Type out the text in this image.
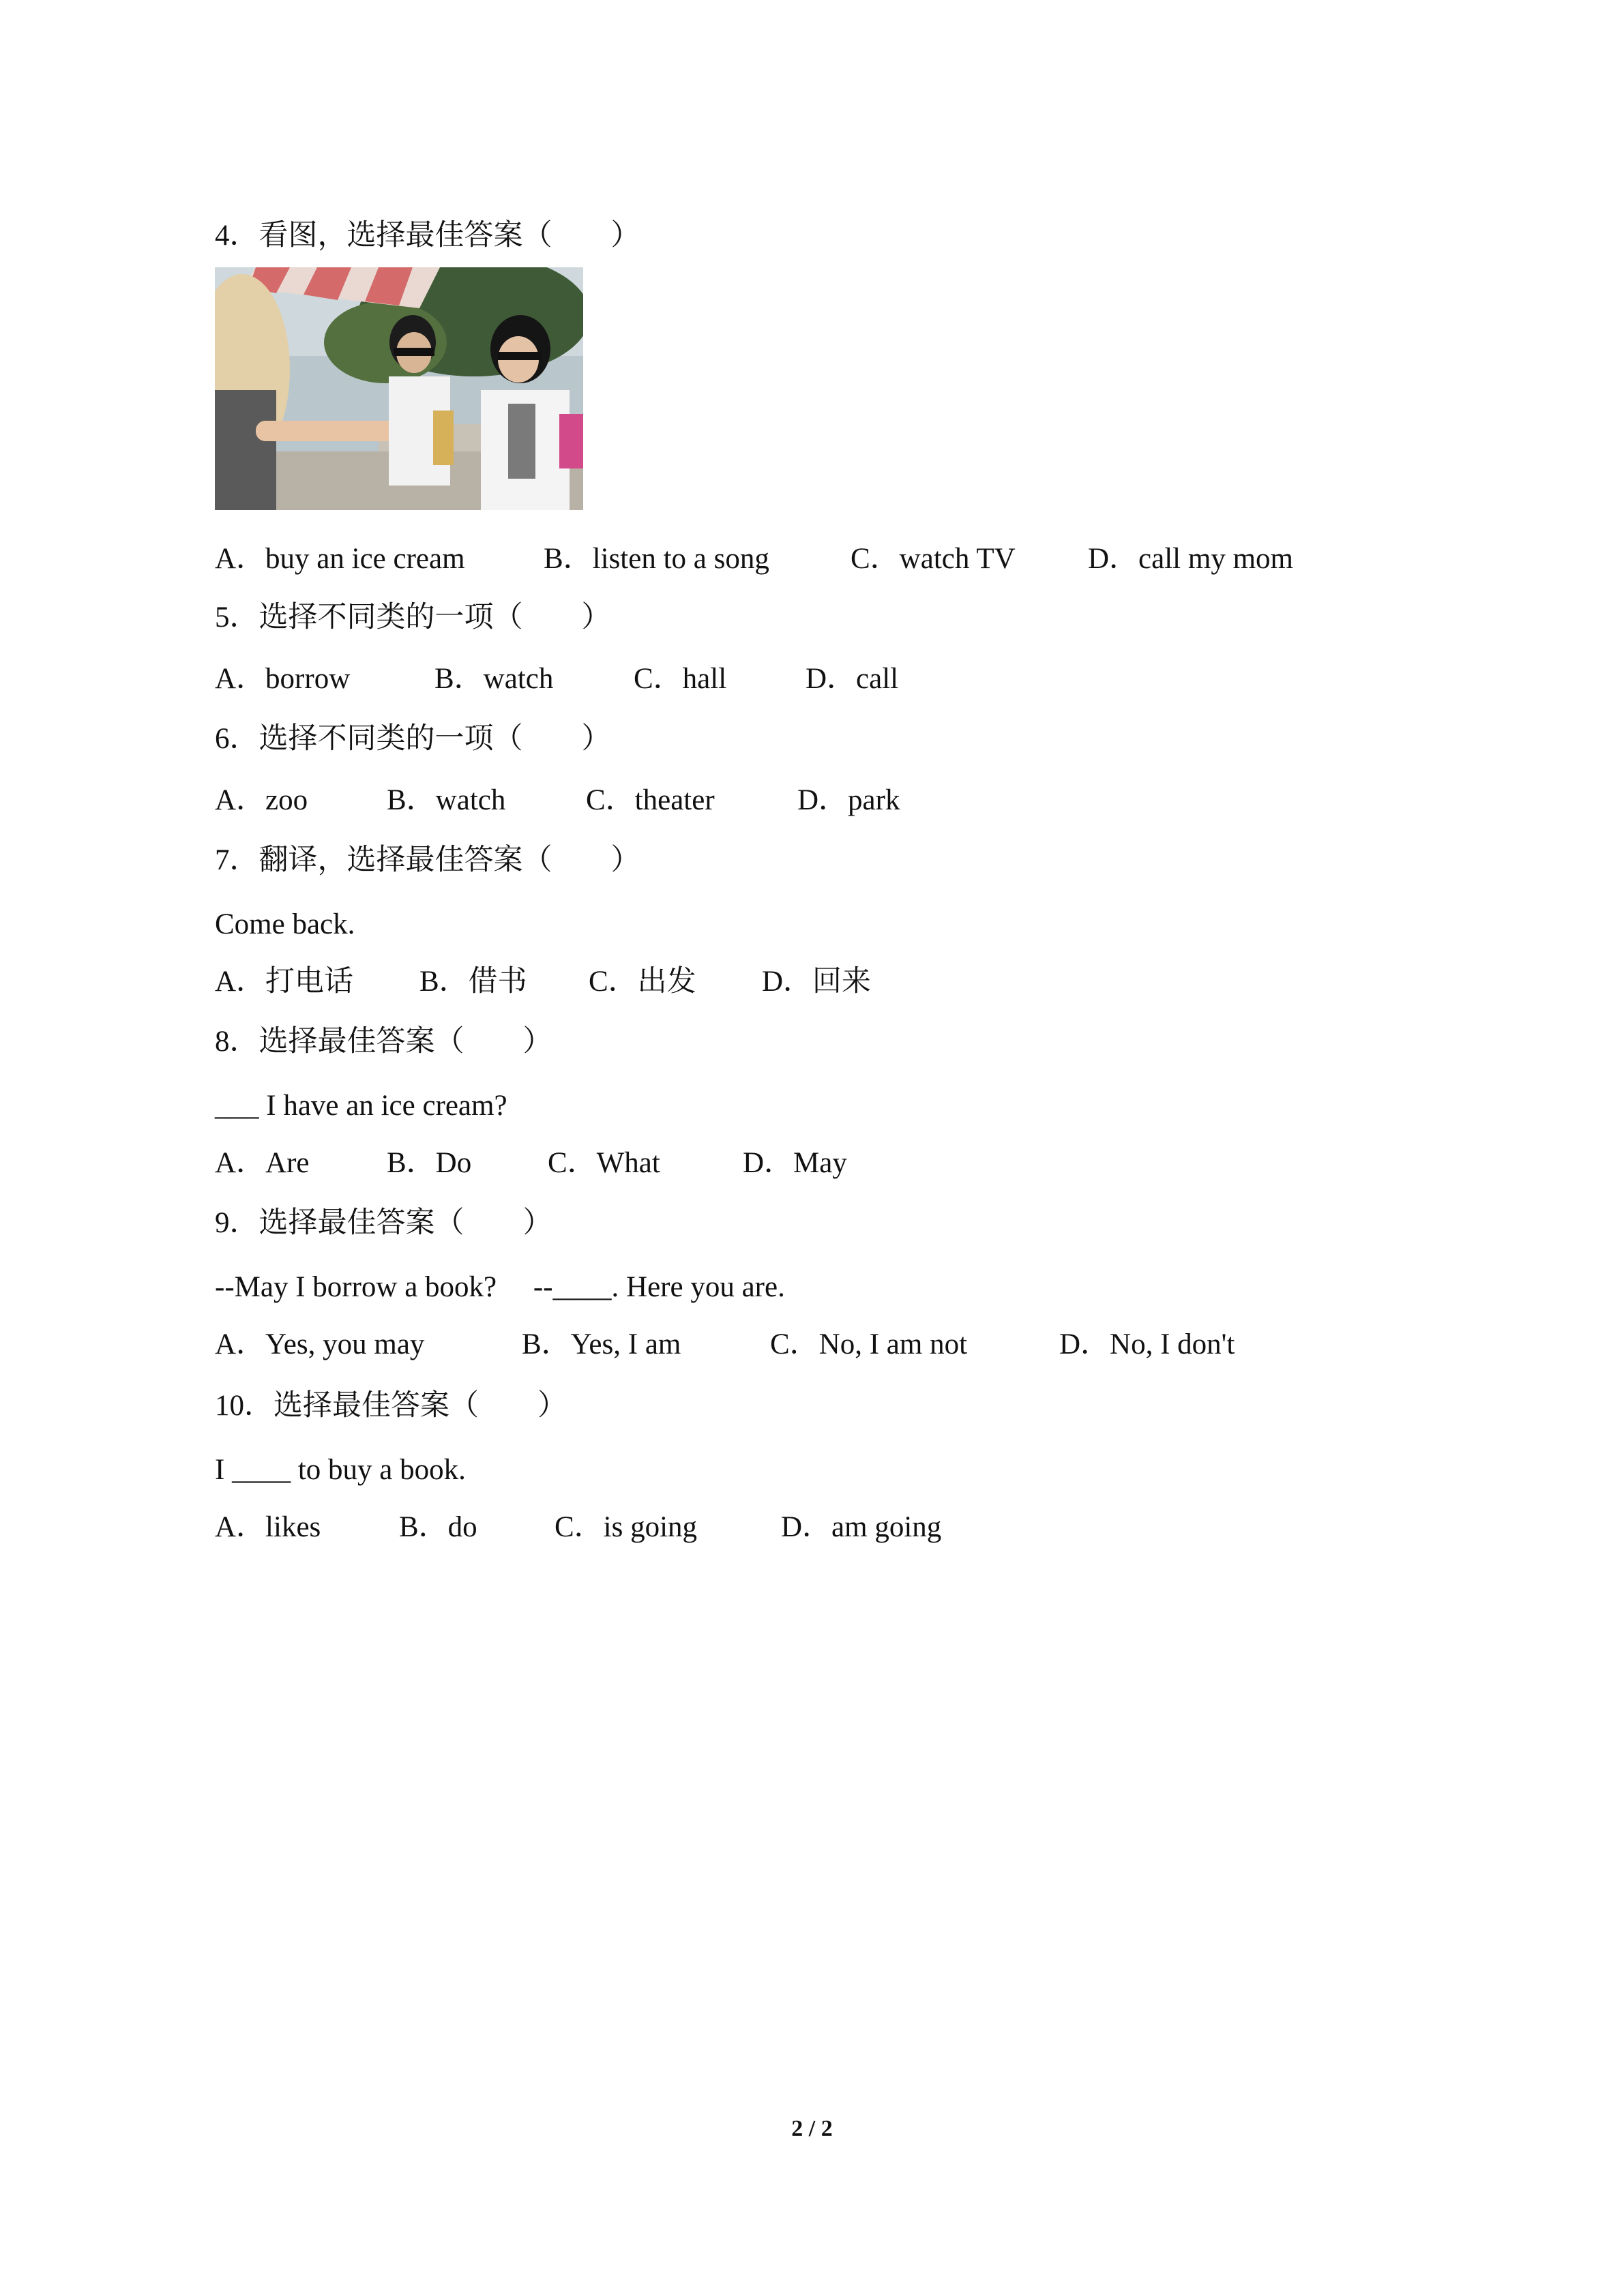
4．看图，选择最佳答案（　　）
A．buy an ice cream	B．listen to a song	C．watch TV D．call my mom
5．选择不同类的一项（　　）
A．borrow	B．watch	C．hall	D．call
6．选择不同类的一项（　　）
A．zoo	B．watch	C．theater	D．park
7．翻译，选择最佳答案（　　）
Come back.
A．打电话 B．借书 C．出发 D．回来
8．选择最佳答案（　　）
___ I have an ice cream?
A．Are	B．Do	C．What	D．May
9．选择最佳答案（　　）
--May I borrow a book?　 --____. Here you are.
A．Yes, you may	B．Yes, I am	C．No, I am not	D．No, I don't
10．选择最佳答案（　　）
I ____ to buy a book.
A．likes	B．do	C．is going	D．am going
2 / 2
